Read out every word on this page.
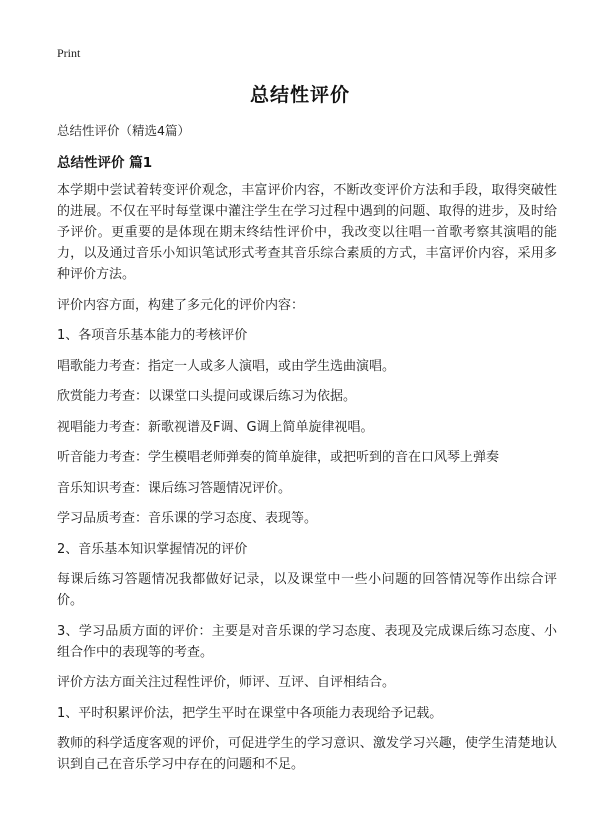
Print
总结性评价
总结性评价（精选4篇）
总结性评价 篇1

本学期中尝试着转变评价观念，丰富评价内容，不断改变评价方法和手段，取得突破性的进展。不仅在平时每堂课中灌注学生在学习过程中遇到的问题、取得的进步，及时给予评价。更重要的是体现在期末终结性评价中，我改变以往唱一首歌考察其演唱的能力，以及通过音乐小知识笔试形式考查其音乐综合素质的方式，丰富评价内容，采用多种评价方法。

评价内容方面，构建了多元化的评价内容：

1、各项音乐基本能力的考核评价

唱歌能力考查：指定一人或多人演唱，或由学生选曲演唱。

欣赏能力考查：以课堂口头提问或课后练习为依据。

视唱能力考查：新歌视谱及F调、G调上简单旋律视唱。

听音能力考查：学生模唱老师弹奏的简单旋律，或把听到的音在口风琴上弹奏

音乐知识考查：课后练习答题情况评价。

学习品质考查：音乐课的学习态度、表现等。

2、音乐基本知识掌握情况的评价

每课后练习答题情况我都做好记录，以及课堂中一些小问题的回答情况等作出综合评价。

3、学习品质方面的评价：主要是对音乐课的学习态度、表现及完成课后练习态度、小组合作中的表现等的考查。

评价方法方面关注过程性评价，师评、互评、自评相结合。

1、平时积累评价法，把学生平时在课堂中各项能力表现给予记载。

教师的科学适度客观的评价，可促进学生的学习意识、激发学习兴趣，使学生清楚地认识到自己在音乐学习中存在的问题和不足。
